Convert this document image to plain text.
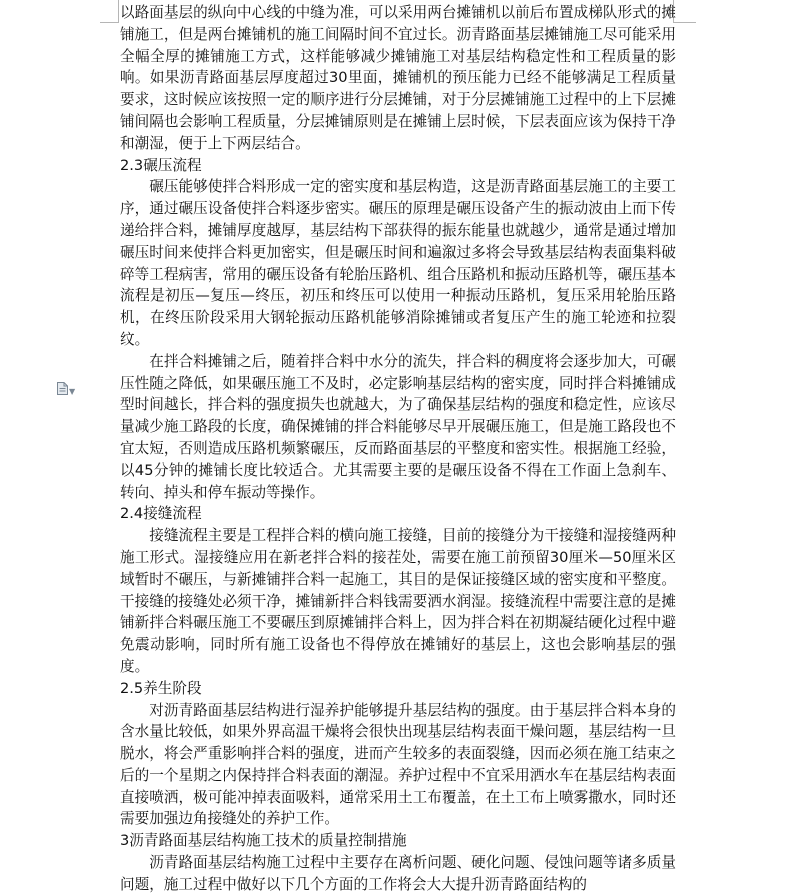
▼

以路面基层的纵向中心线的中缝为准，可以采用两台摊铺机以前后布置成梯队形式的摊铺施工，但是两台摊铺机的施工间隔时间不宜过长。沥青路面基层摊铺施工尽可能采用全幅全厚的摊铺施工方式，这样能够减少摊铺施工对基层结构稳定性和工程质量的影响。如果沥青路面基层厚度超过30里面，摊铺机的预压能力已经不能够满足工程质量要求，这时候应该按照一定的顺序进行分层摊铺，对于分层摊铺施工过程中的上下层摊铺间隔也会影响工程质量，分层摊铺原则是在摊铺上层时候，下层表面应该为保持干净和潮湿，便于上下两层结合。

2.3碾压流程

碾压能够使拌合料形成一定的密实度和基层构造，这是沥青路面基层施工的主要工序，通过碾压设备使拌合料逐步密实。碾压的原理是碾压设备产生的振动波由上而下传递给拌合料，摊铺厚度越厚，基层结构下部获得的振东能量也就越少，通常是通过增加碾压时间来使拌合料更加密实，但是碾压时间和遍溆过多将会导致基层结构表面集料破碎等工程病害，常用的碾压设备有轮胎压路机、组合压路机和振动压路机等，碾压基本流程是初压—复压—终压，初压和终压可以使用一种振动压路机，复压采用轮胎压路机，在终压阶段采用大钢轮振动压路机能够消除摊铺或者复压产生的施工轮迹和拉裂纹。

在拌合料摊铺之后，随着拌合料中水分的流失，拌合料的稠度将会逐步加大，可碾压性随之降低，如果碾压施工不及时，必定影响基层结构的密实度，同时拌合料摊铺成型时间越长，拌合料的强度损失也就越大，为了确保基层结构的强度和稳定性，应该尽量减少施工路段的长度，确保摊铺的拌合料能够尽早开展碾压施工，但是施工路段也不宜太短，否则造成压路机频繁碾压，反而路面基层的平整度和密实性。根据施工经验，以45分钟的摊铺长度比较适合。尤其需要主要的是碾压设备不得在工作面上急刹车、转向、掉头和停车振动等操作。

2.4接缝流程

接缝流程主要是工程拌合料的横向施工接缝，目前的接缝分为干接缝和湿接缝两种施工形式。湿接缝应用在新老拌合料的接茬处，需要在施工前预留30厘米—50厘米区域暂时不碾压，与新摊铺拌合料一起施工，其目的是保证接缝区域的密实度和平整度。干接缝的接缝处必须干净，摊铺新拌合料钱需要洒水润湿。接缝流程中需要注意的是摊铺新拌合料碾压施工不要碾压到原摊铺拌合料上，因为拌合料在初期凝结硬化过程中避免震动影响，同时所有施工设备也不得停放在摊铺好的基层上，这也会影响基层的强度。

2.5养生阶段

对沥青路面基层结构进行湿养护能够提升基层结构的强度。由于基层拌合料本身的含水量比较低，如果外界高温干燥将会很快出现基层结构表面干燥问题，基层结构一旦脱水，将会严重影响拌合料的强度，进而产生较多的表面裂缝，因而必须在施工结束之后的一个星期之内保持拌合料表面的潮湿。养护过程中不宜采用洒水车在基层结构表面直接喷洒，极可能冲掉表面吸料，通常采用土工布覆盖，在土工布上喷雾撒水，同时还需要加强边角接缝处的养护工作。

3沥青路面基层结构施工技术的质量控制措施

沥青路面基层结构施工过程中主要存在离析问题、硬化问题、侵蚀问题等诸多质量问题，施工过程中做好以下几个方面的工作将会大大提升沥青路面结构的
